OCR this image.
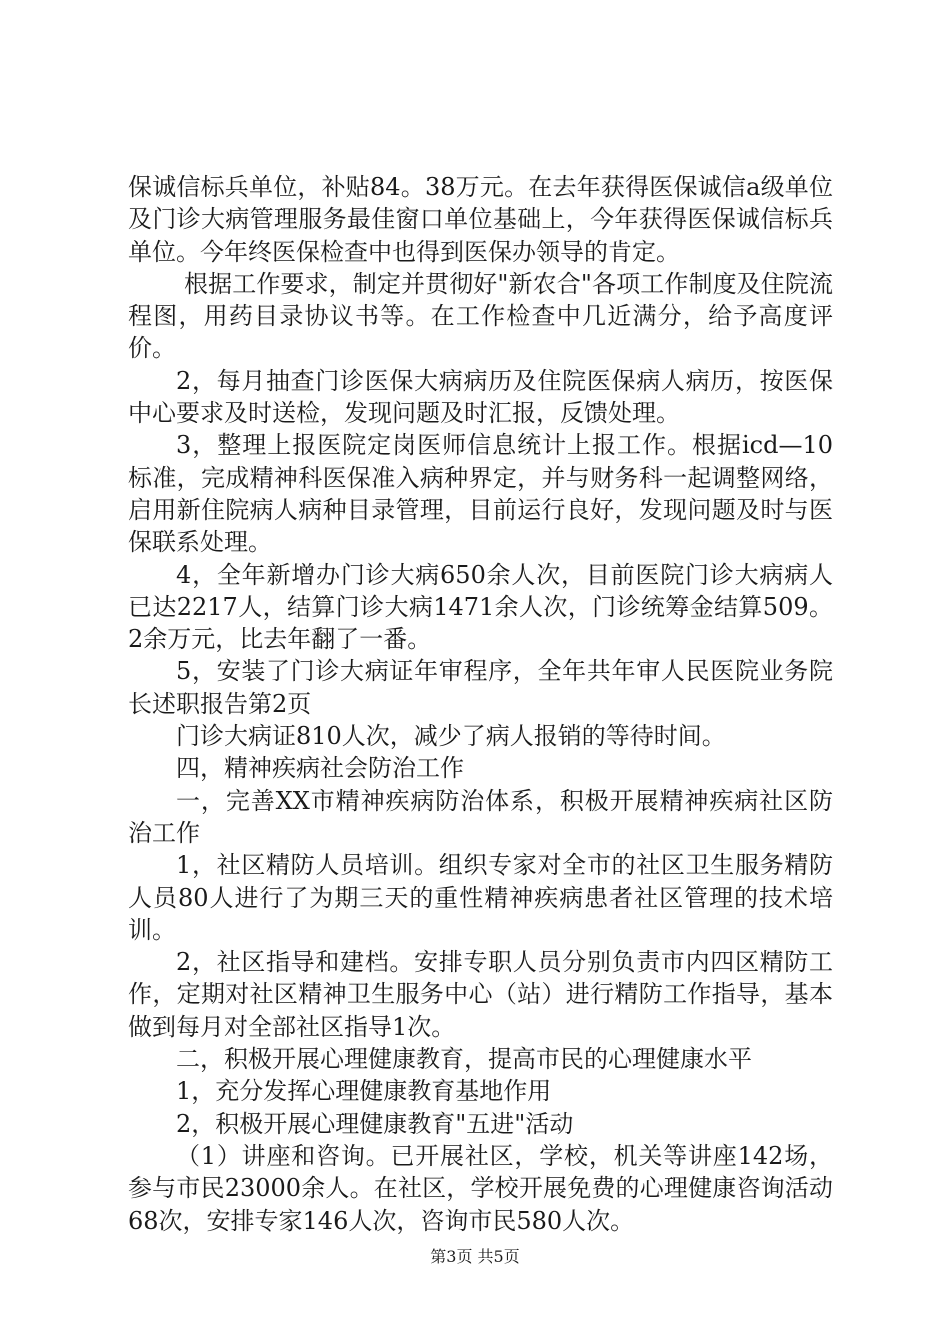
保诚信标兵单位，补贴84。38万元。在去年获得医保诚信a级单位及门诊大病管理服务最佳窗口单位基础上，今年获得医保诚信标兵单位。今年终医保检查中也得到医保办领导的肯定。

根据工作要求，制定并贯彻好"新农合"各项工作制度及住院流程图，用药目录协议书等。在工作检查中几近满分，给予高度评价。

2，每月抽查门诊医保大病病历及住院医保病人病历，按医保中心要求及时送检，发现问题及时汇报，反馈处理。

3，整理上报医院定岗医师信息统计上报工作。根据icd—10标准，完成精神科医保准入病种界定，并与财务科一起调整网络，启用新住院病人病种目录管理，目前运行良好，发现问题及时与医保联系处理。

4，全年新增办门诊大病650余人次，目前医院门诊大病病人已达2217人，结算门诊大病1471余人次，门诊统筹金结算509。2余万元，比去年翻了一番。

5，安装了门诊大病证年审程序，全年共年审人民医院业务院长述职报告第2页

门诊大病证810人次，减少了病人报销的等待时间。

四，精神疾病社会防治工作

一，完善XX市精神疾病防治体系，积极开展精神疾病社区防治工作

1，社区精防人员培训。组织专家对全市的社区卫生服务精防人员80人进行了为期三天的重性精神疾病患者社区管理的技术培训。

2，社区指导和建档。安排专职人员分别负责市内四区精防工作，定期对社区精神卫生服务中心（站）进行精防工作指导，基本做到每月对全部社区指导1次。

二，积极开展心理健康教育，提高市民的心理健康水平

1，充分发挥心理健康教育基地作用

2，积极开展心理健康教育"五进"活动

（1）讲座和咨询。已开展社区，学校，机关等讲座142场，参与市民23000余人。在社区，学校开展免费的心理健康咨询活动68次，安排专家146人次，咨询市民580人次。

第3页 共5页
